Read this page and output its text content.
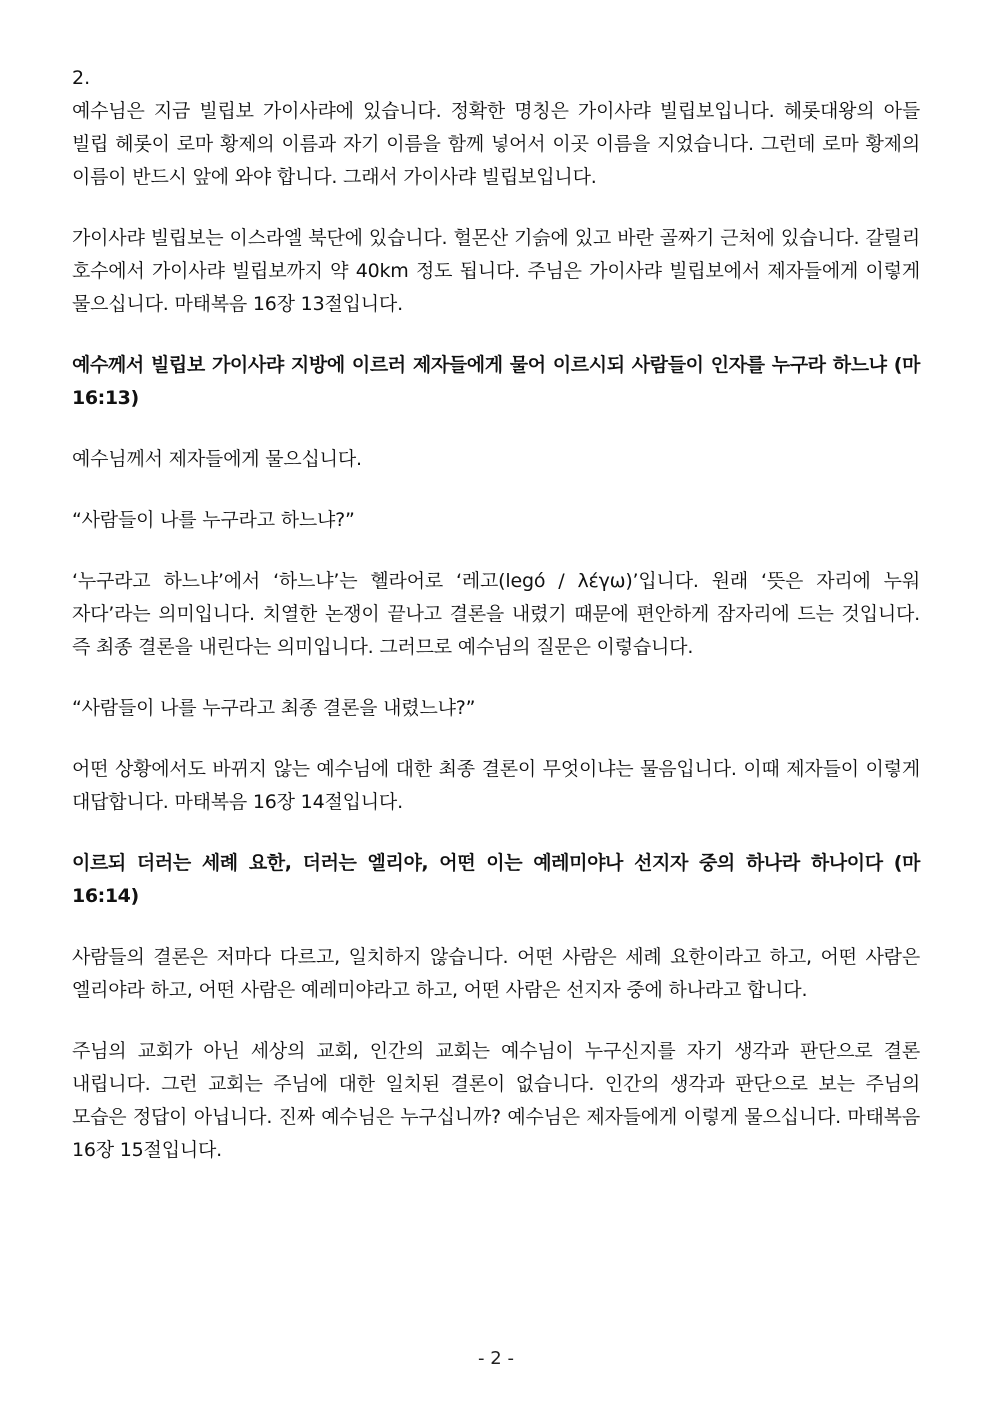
2.

예수님은 지금 빌립보 가이사랴에 있습니다. 정확한 명칭은 가이사랴 빌립보입니다. 헤롯대왕의 아들 빌립 헤롯이 로마 황제의 이름과 자기 이름을 함께 넣어서 이곳 이름을 지었습니다. 그런데 로마 황제의 이름이 반드시 앞에 와야 합니다. 그래서 가이사랴 빌립보입니다.

가이사랴 빌립보는 이스라엘 북단에 있습니다. 헐몬산 기슭에 있고 바란 골짜기 근처에 있습니다. 갈릴리 호수에서 가이사랴 빌립보까지 약 40km 정도 됩니다. 주님은 가이사랴 빌립보에서 제자들에게 이렇게 물으십니다. 마태복음 16장 13절입니다.

예수께서 빌립보 가이사랴 지방에 이르러 제자들에게 물어 이르시되 사람들이 인자를 누구라 하느냐 (마 16:13)

예수님께서 제자들에게 물으십니다.

“사람들이 나를 누구라고 하느냐?”

‘누구라고 하느냐’에서 ‘하느냐’는 헬라어로 ‘레고(legó / λέγω)’입니다. 원래 ‘뜻은 자리에 누워 자다’라는 의미입니다. 치열한 논쟁이 끝나고 결론을 내렸기 때문에 편안하게 잠자리에 드는 것입니다. 즉 최종 결론을 내린다는 의미입니다. 그러므로 예수님의 질문은 이렇습니다.

“사람들이 나를 누구라고 최종 결론을 내렸느냐?”

어떤 상황에서도 바뀌지 않는 예수님에 대한 최종 결론이 무엇이냐는 물음입니다. 이때 제자들이 이렇게 대답합니다. 마태복음 16장 14절입니다.

이르되 더러는 세례 요한, 더러는 엘리야, 어떤 이는 예레미야나 선지자 중의 하나라 하나이다 (마 16:14)

사람들의 결론은 저마다 다르고, 일치하지 않습니다. 어떤 사람은 세례 요한이라고 하고, 어떤 사람은 엘리야라 하고, 어떤 사람은 예레미야라고 하고, 어떤 사람은 선지자 중에 하나라고 합니다.

주님의 교회가 아닌 세상의 교회, 인간의 교회는 예수님이 누구신지를 자기 생각과 판단으로 결론 내립니다. 그런 교회는 주님에 대한 일치된 결론이 없습니다. 인간의 생각과 판단으로 보는 주님의 모습은 정답이 아닙니다. 진짜 예수님은 누구십니까? 예수님은 제자들에게 이렇게 물으십니다. 마태복음 16장 15절입니다.

- 2 -
